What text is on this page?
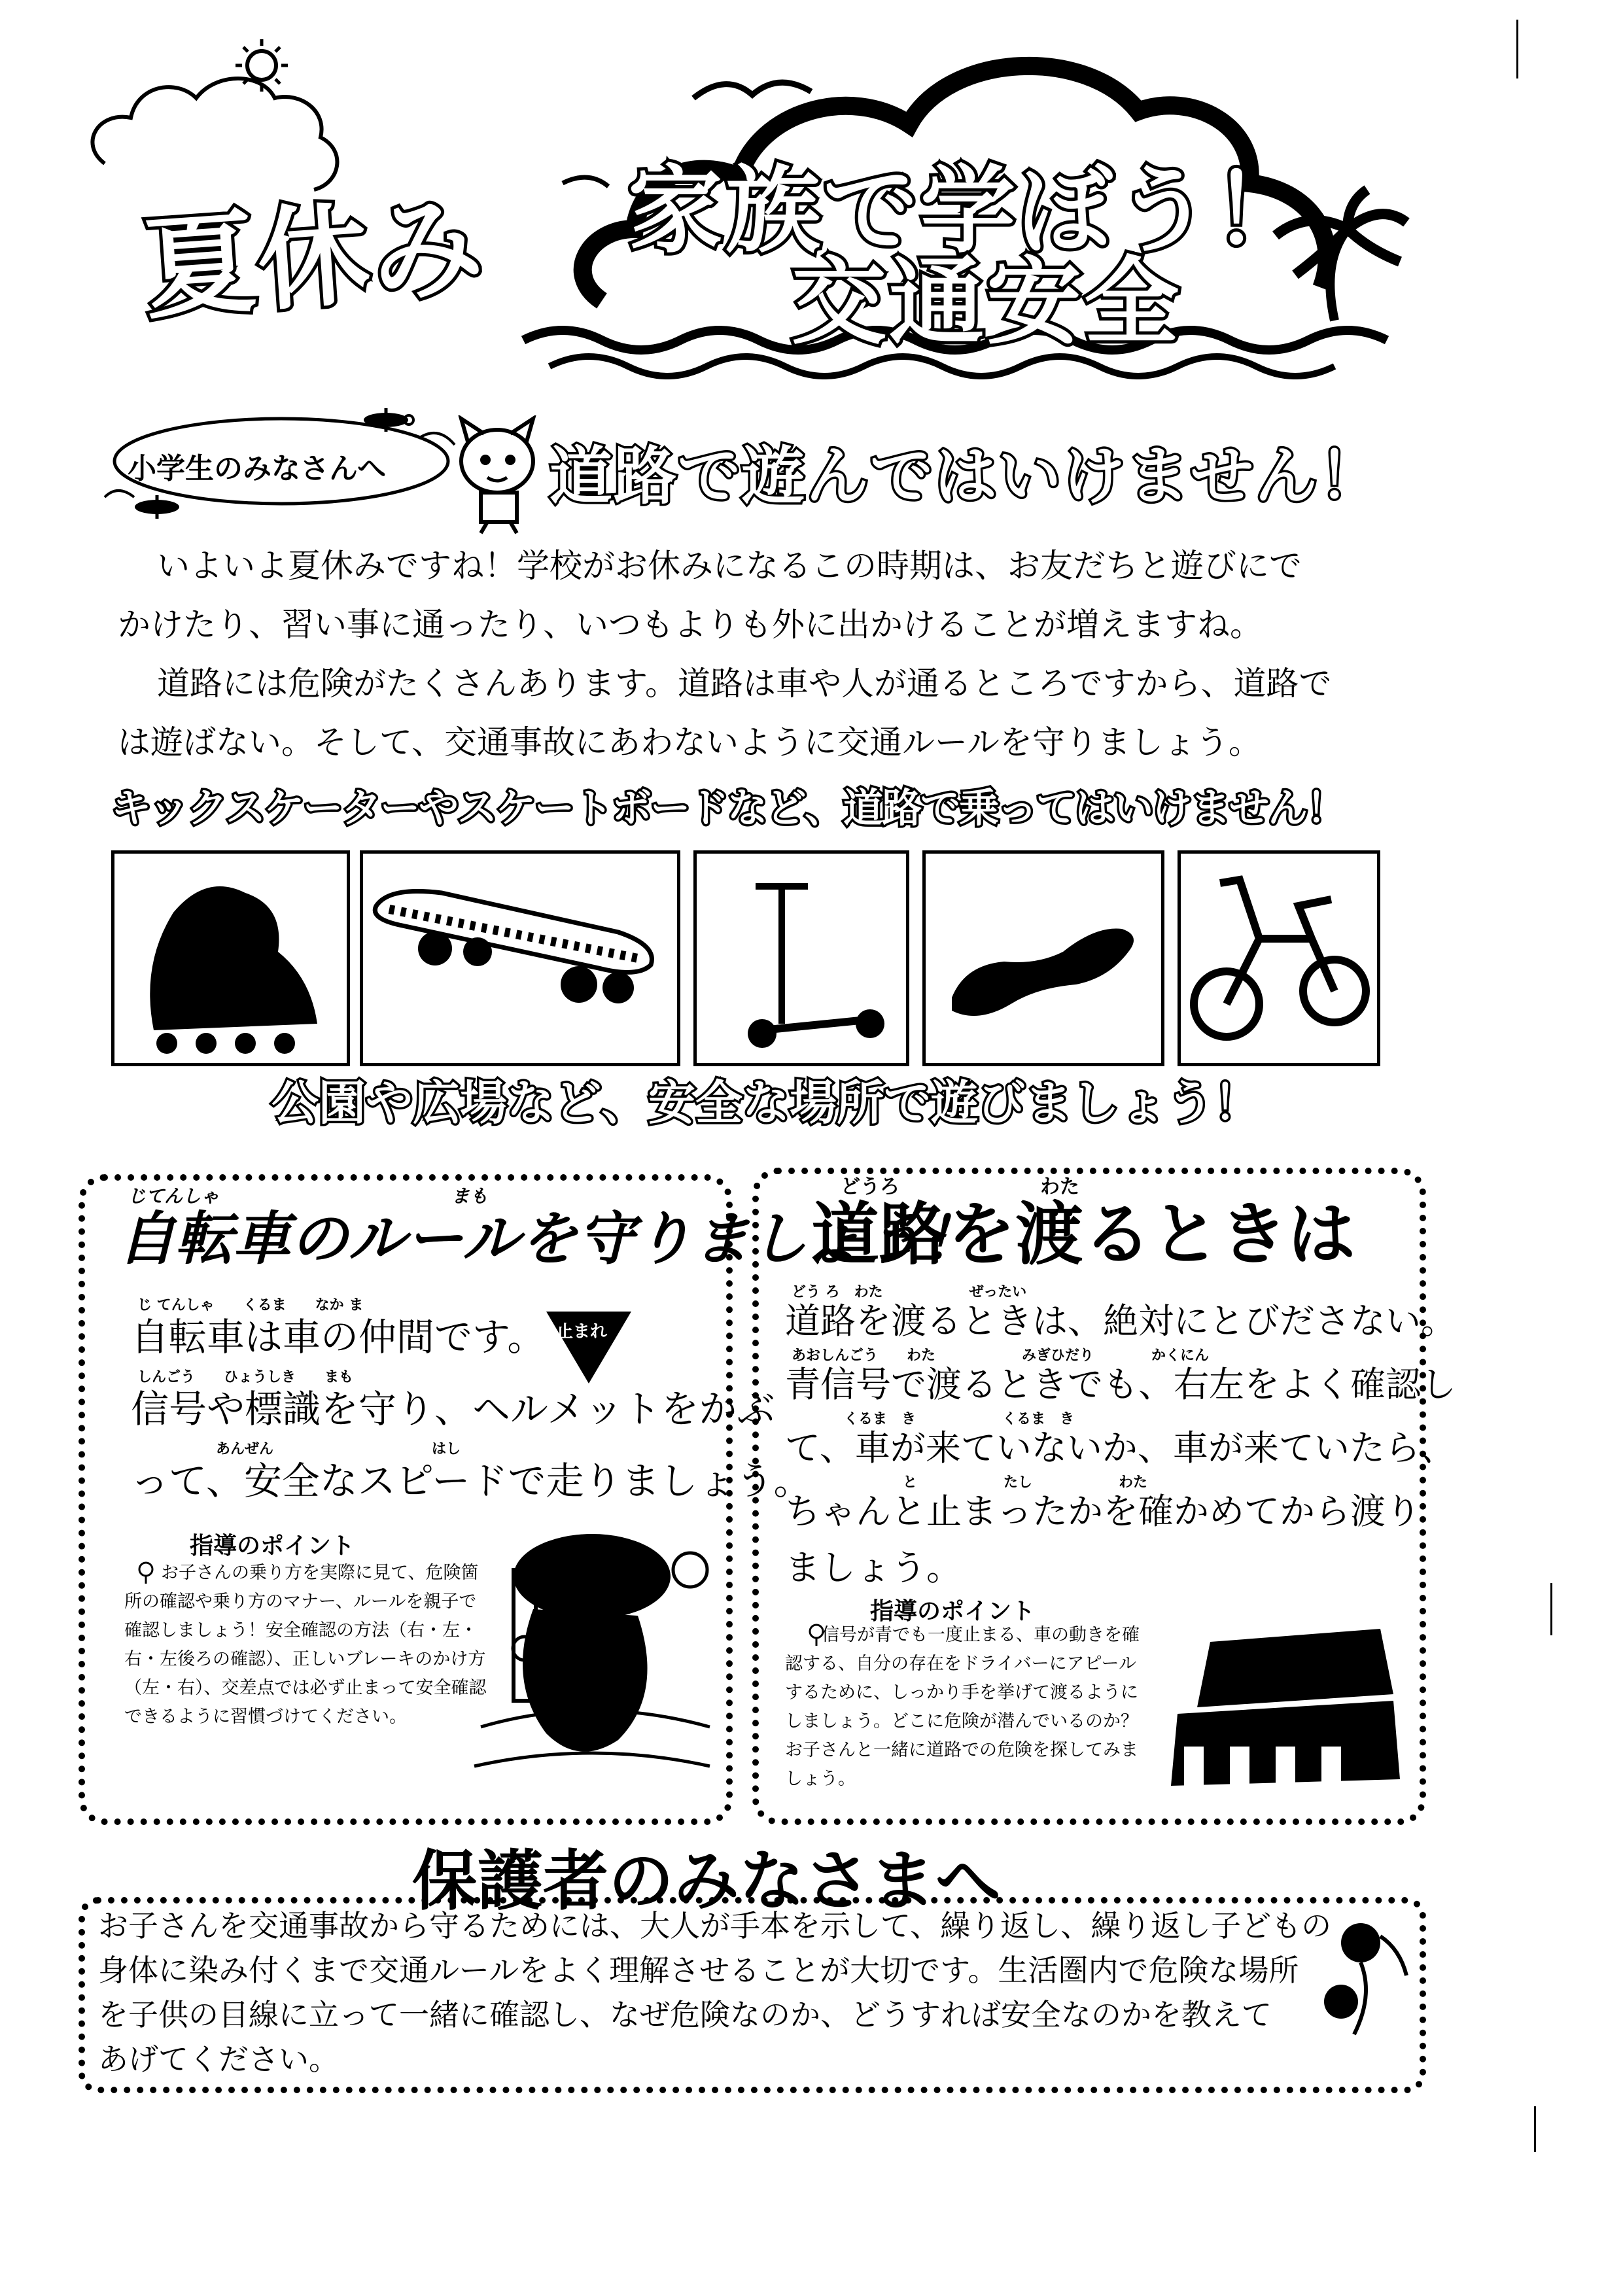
夏休み 家族で学ぼう！
交通安全
小学生のみなさんへ	道路で遊んではいけません！
いよいよ夏休みですね！学校がお休みになるこの時期は、お友だちと遊びにで
かけたり、習い事に通ったり、いつもよりも外に出かけることが増えますね。
道路には危険がたくさんあります。道路は車や人が通るところですから、道路で
は遊ばない。そして、交通事故にあわないように交通ルールを守りましょう。
キックスケーターやスケートボードなど、道路で乗ってはいけません！
公園や広場など、安全な場所で遊びましょう！
じてんしゃ	まも
自転車のルールを守りましょう！
じ てんしゃ　　くるま　　なか ま
自転車は車の仲間です。 止まれ
しんごう　　ひょうしき　　まも
信号や標識を守り、ヘルメットをかぶ
あんぜん　　　　　　　　　　　はし
って、安全なスピードで走りましょう。
指導のポイント
お子さんの乗り方を実際に見て、危険箇所の確認や乗り方のマナー、ルールを親子で確認しましょう！安全確認の方法（右・左・右・左後ろの確認）、正しいブレーキのかけ方（左・右）、交差点では必ず止まって安全確認できるように習慣づけてください。
どうろ	わた
道路を渡るときは
どう ろ　わた　　　　　　ぜったい
道路を渡るときは、絶対にとびださない。
あおしんごう　　わた　　　　　　みぎひだり　　　　かくにん
青信号で渡るときでも、右左をよく確認し
くるま　き　　　　　　くるま　き
て、車が来ていないか、車が来ていたら、
と　　　　　　たし　　　　　　わた
ちゃんと止まったかを確かめてから渡り
ましょう。
指導のポイント
信号が青でも一度止まる、車の動きを確認する、自分の存在をドライバーにアピールするために、しっかり手を挙げて渡るようにしましょう。どこに危険が潜んでいるのか？お子さんと一緒に道路での危険を探してみましょう。
保護者のみなさまへ
お子さんを交通事故から守るためには、大人が手本を示して、繰り返し、繰り返し子どもの
身体に染み付くまで交通ルールをよく理解させることが大切です。生活圏内で危険な場所
を子供の目線に立って一緒に確認し、なぜ危険なのか、どうすれば安全なのかを教えて
あげてください。
